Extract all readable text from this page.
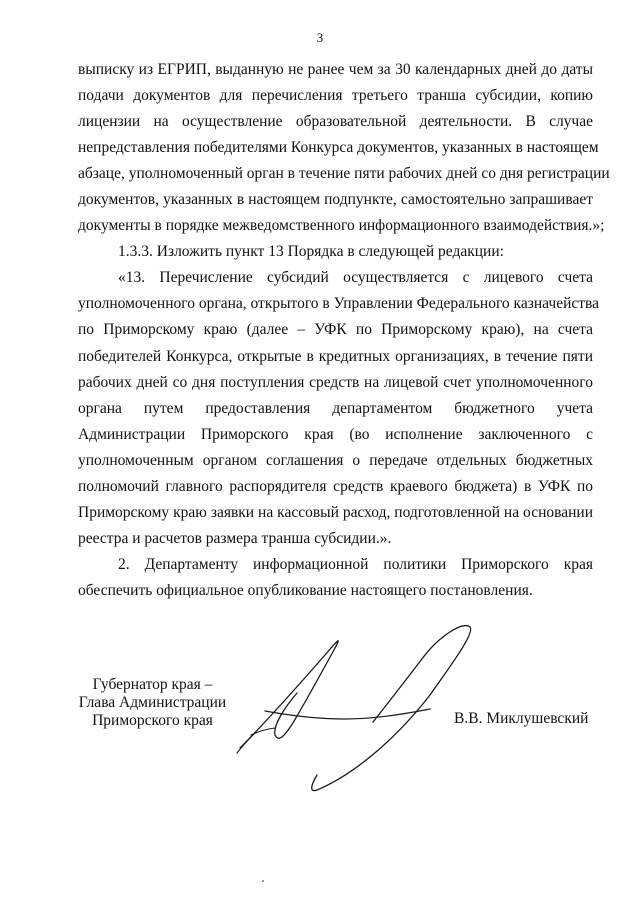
3
выписку из ЕГРИП, выданную не ранее чем за 30 календарных дней до даты
подачи документов для перечисления третьего транша субсидии, копию
лицензии на осуществление образовательной деятельности. В случае
непредставления победителями Конкурса документов, указанных в настоящем
абзаце, уполномоченный орган в течение пяти рабочих дней со дня регистрации
документов, указанных в настоящем подпункте, самостоятельно запрашивает
документы в порядке межведомственного информационного взаимодействия.»;
1.3.3. Изложить пункт 13 Порядка в следующей редакции:
«13. Перечисление субсидий осуществляется с лицевого счета
уполномоченного органа, открытого в Управлении Федерального казначейства
по Приморскому краю (далее – УФК по Приморскому краю), на счета
победителей Конкурса, открытые в кредитных организациях, в течение пяти
рабочих дней со дня поступления средств на лицевой счет уполномоченного
органа путем предоставления департаментом бюджетного учета
Администрации Приморского края (во исполнение заключенного с
уполномоченным органом соглашения о передаче отдельных бюджетных
полномочий главного распорядителя средств краевого бюджета) в УФК по
Приморскому краю заявки на кассовый расход, подготовленной на основании
реестра и расчетов размера транша субсидии.».
2. Департаменту информационной политики Приморского края
обеспечить официальное опубликование настоящего постановления.
Губернатор края –
Глава Администрации
Приморского края	В.В. Миклушевский
